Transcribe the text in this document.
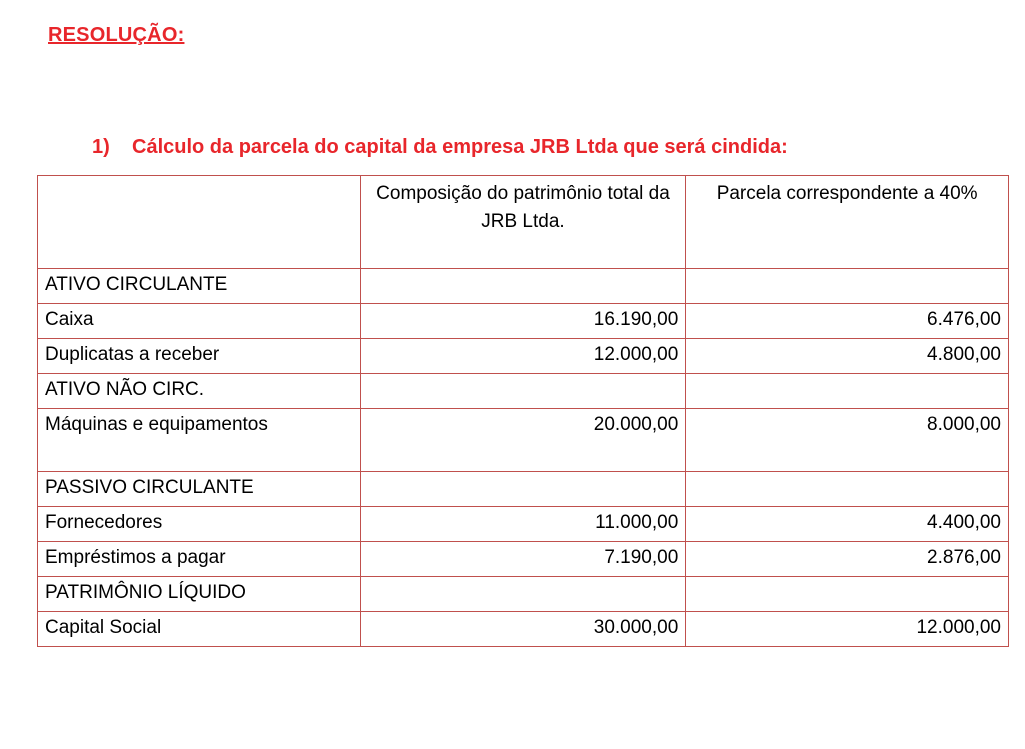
RESOLUÇÃO:
1) Cálculo da parcela do capital da empresa JRB Ltda que será cindida:
	Composição do patrimônio total da JRB Ltda.	Parcela correspondente a 40%
ATIVO CIRCULANTE		
Caixa	16.190,00	6.476,00
Duplicatas a receber	12.000,00	4.800,00
ATIVO NÃO CIRC.		
Máquinas e equipamentos	20.000,00	8.000,00
PASSIVO CIRCULANTE		
Fornecedores	11.000,00	4.400,00
Empréstimos a pagar	7.190,00	2.876,00
PATRIMÔNIO LÍQUIDO		
Capital Social	30.000,00	12.000,00
